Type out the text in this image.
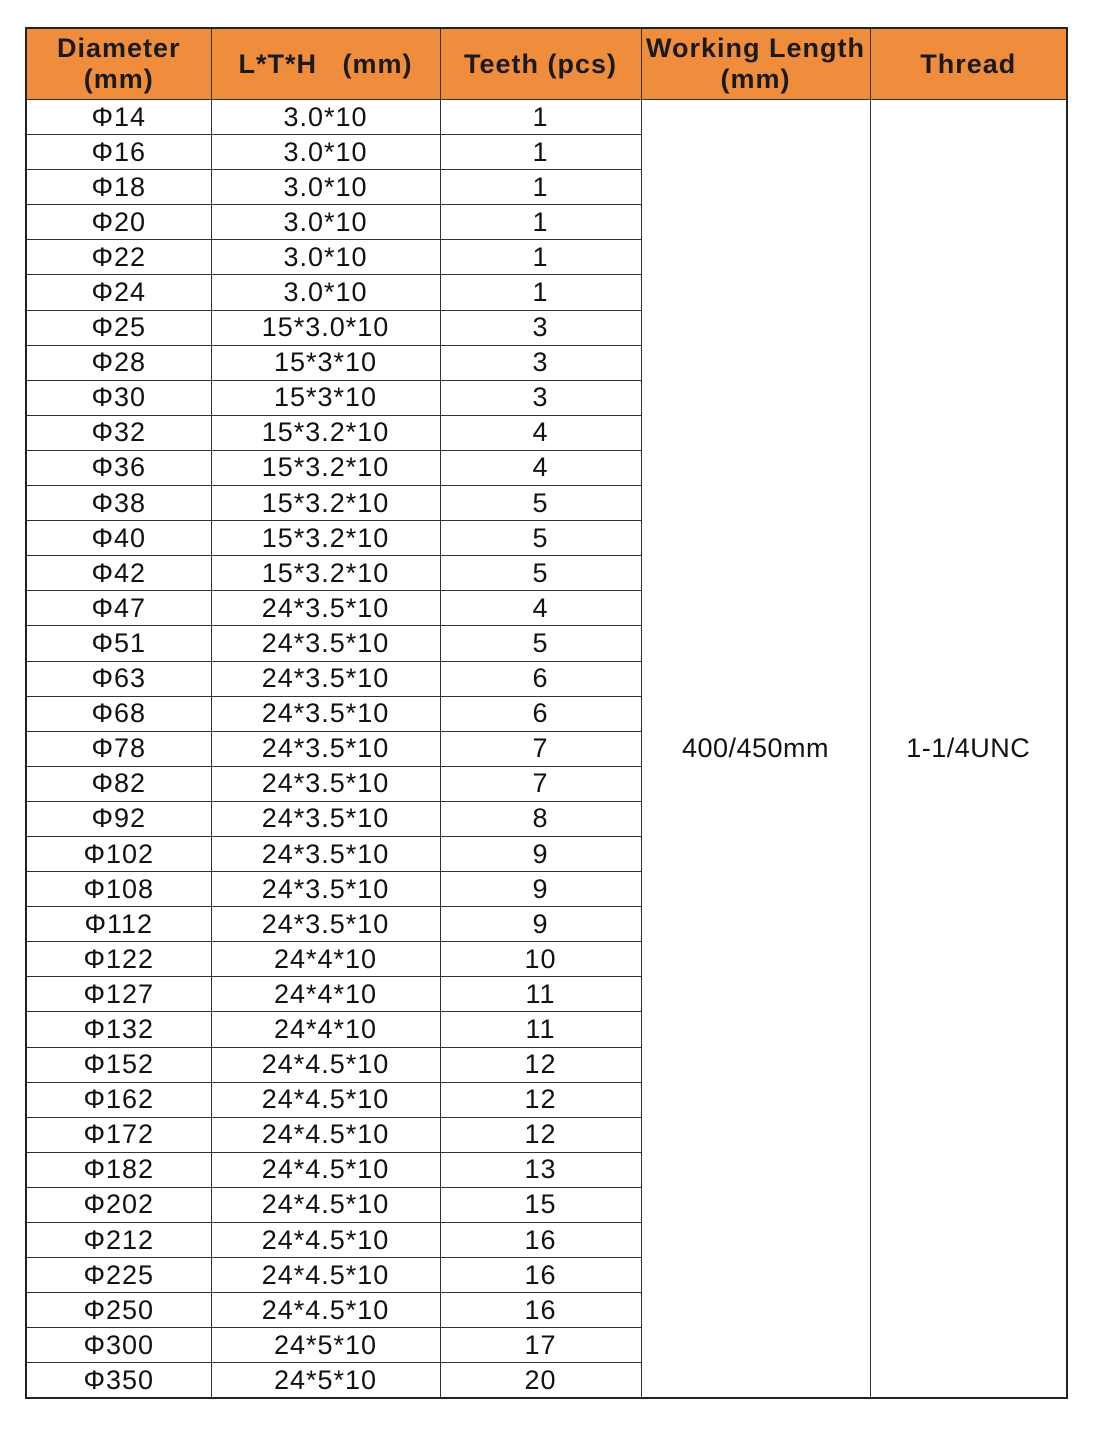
Diameter (mm)	L*T*H   (mm)	Teeth (pcs)	Working Length (mm)	Thread
Φ14	3.0*10	1	400/450mm	1-1/4UNC
Φ16	3.0*10	1		
Φ18	3.0*10	1		
Φ20	3.0*10	1		
Φ22	3.0*10	1		
Φ24	3.0*10	1		
Φ25	15*3.0*10	3		
Φ28	15*3*10	3		
Φ30	15*3*10	3		
Φ32	15*3.2*10	4		
Φ36	15*3.2*10	4		
Φ38	15*3.2*10	5		
Φ40	15*3.2*10	5		
Φ42	15*3.2*10	5		
Φ47	24*3.5*10	4		
Φ51	24*3.5*10	5		
Φ63	24*3.5*10	6		
Φ68	24*3.5*10	6		
Φ78	24*3.5*10	7		
Φ82	24*3.5*10	7		
Φ92	24*3.5*10	8		
Φ102	24*3.5*10	9		
Φ108	24*3.5*10	9		
Φ112	24*3.5*10	9		
Φ122	24*4*10	10		
Φ127	24*4*10	11		
Φ132	24*4*10	11		
Φ152	24*4.5*10	12		
Φ162	24*4.5*10	12		
Φ172	24*4.5*10	12		
Φ182	24*4.5*10	13		
Φ202	24*4.5*10	15		
Φ212	24*4.5*10	16		
Φ225	24*4.5*10	16		
Φ250	24*4.5*10	16		
Φ300	24*5*10	17		
Φ350	24*5*10	20		
